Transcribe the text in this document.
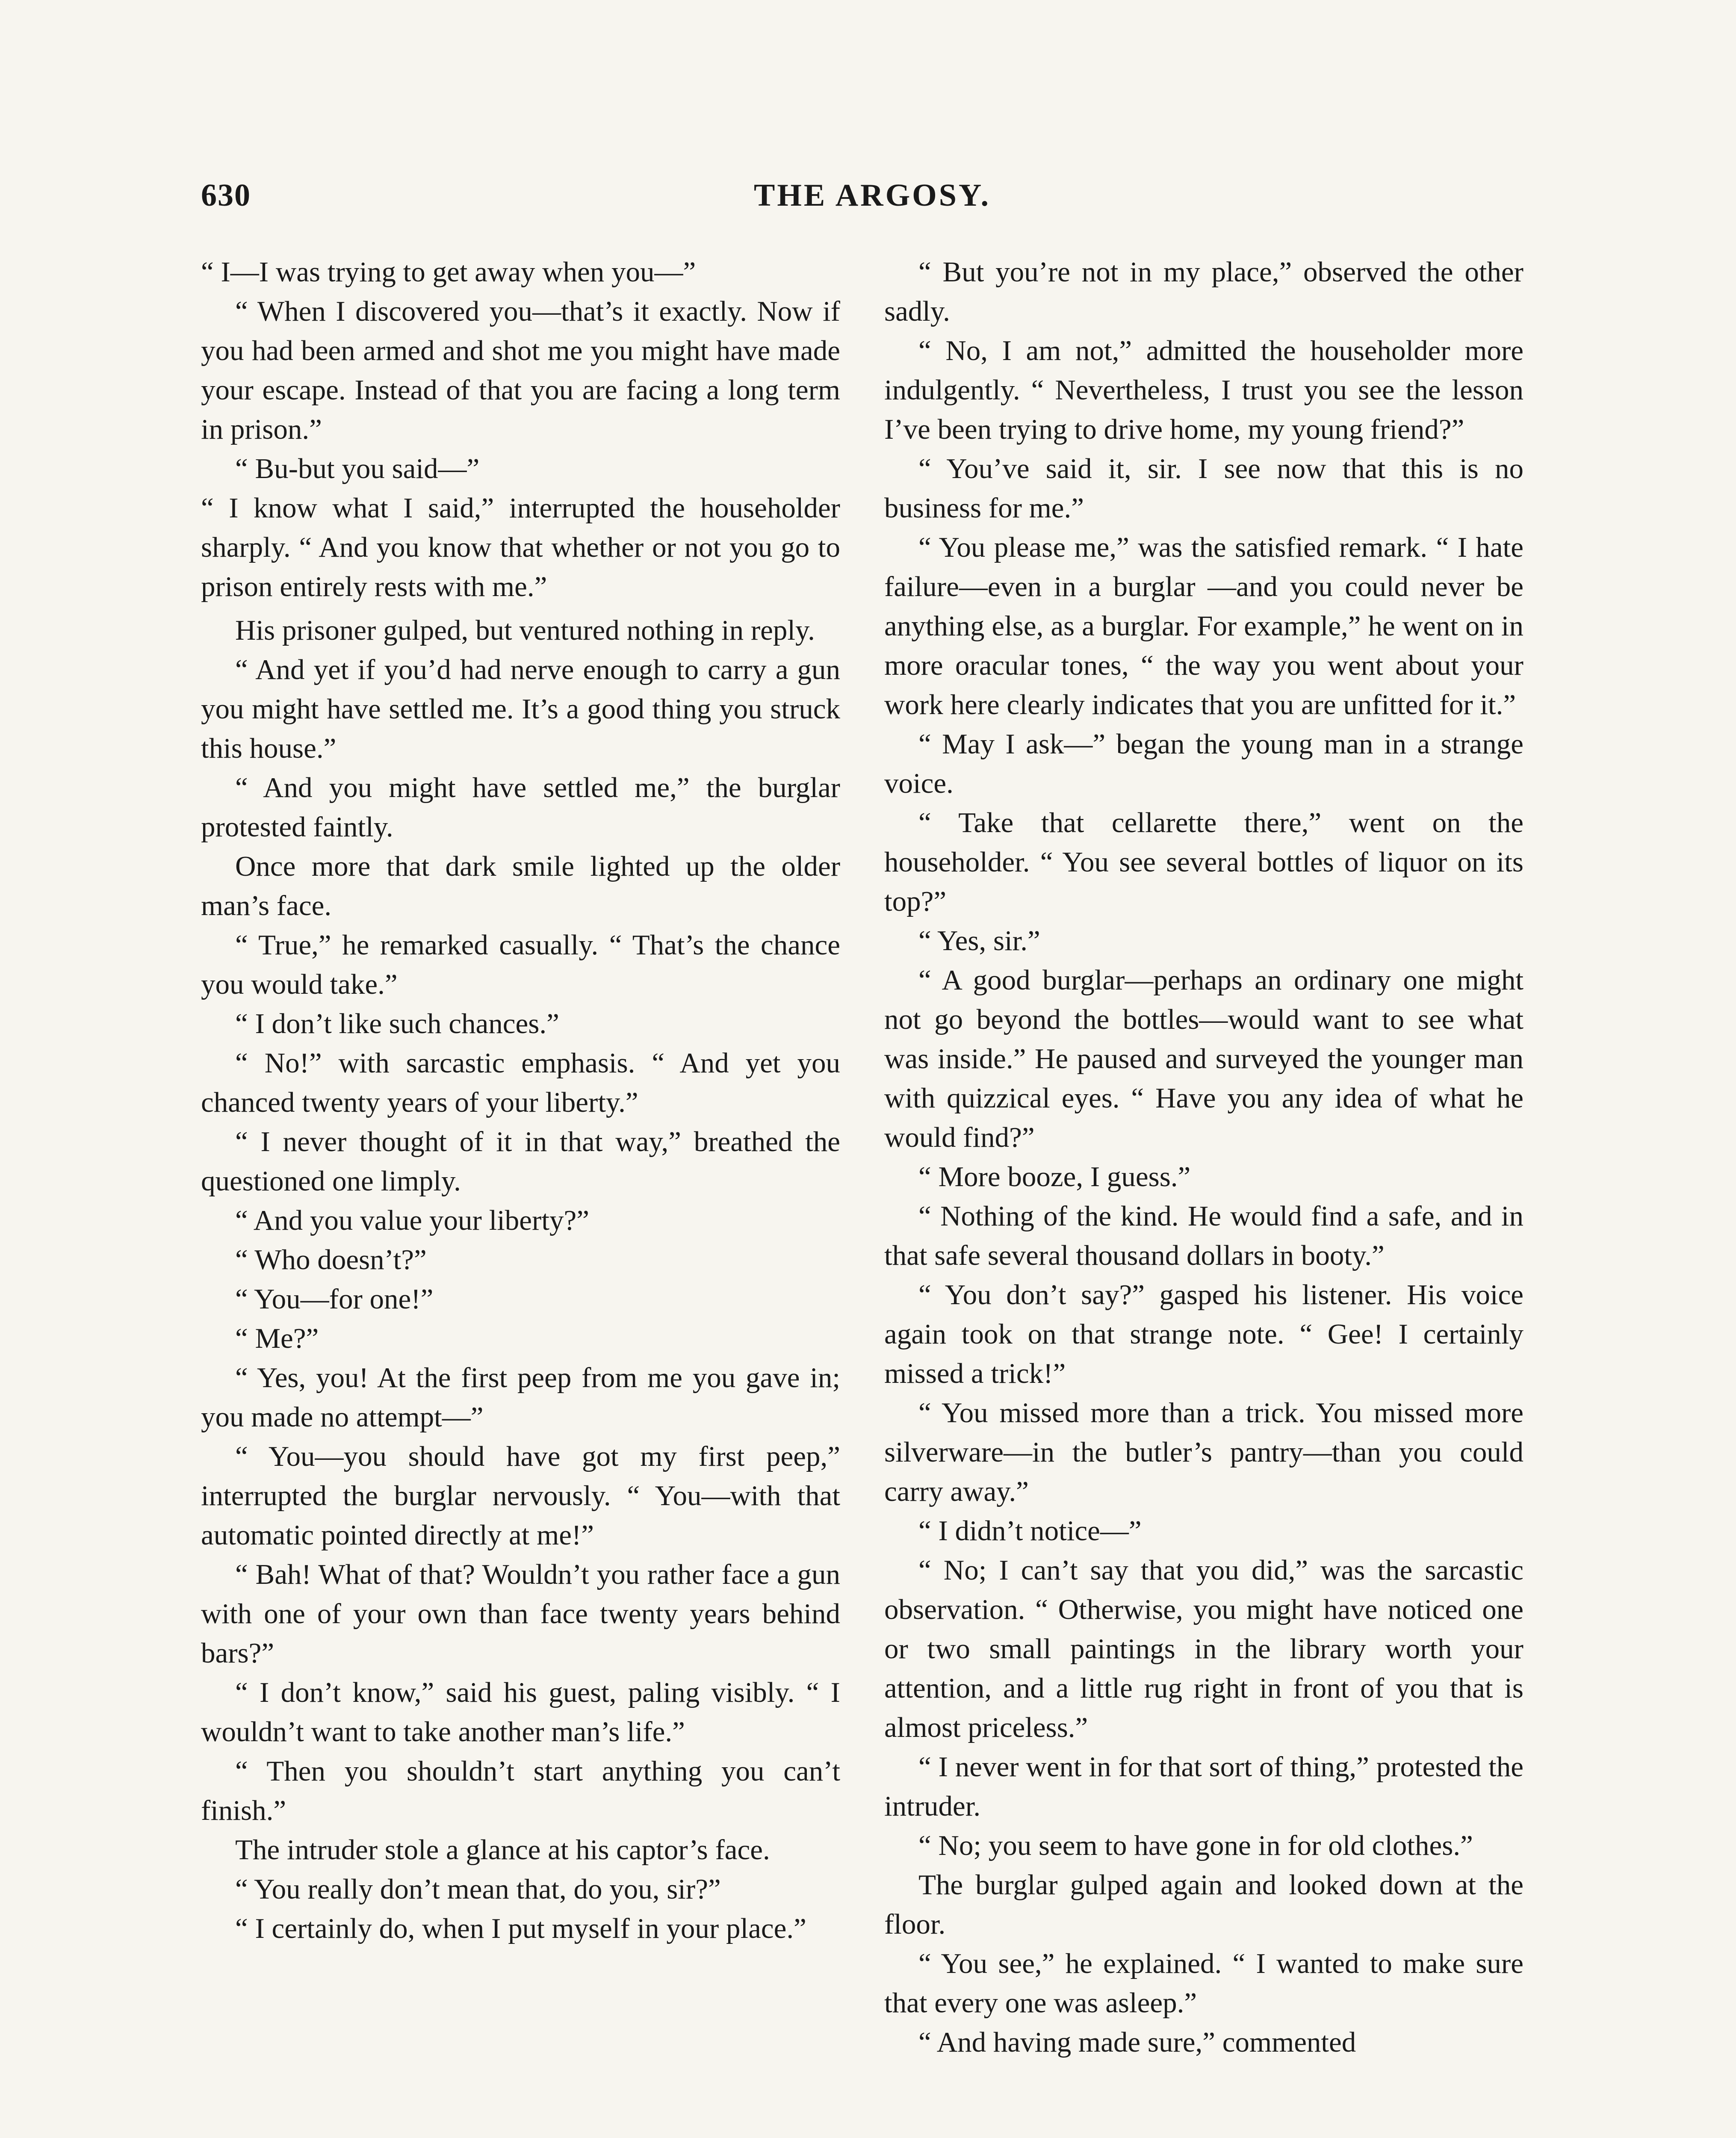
630	THE ARGOSY.

“ I—I was trying to get away when you—”

“ When I discovered you—that’s it exactly. Now if you had been armed and shot me you might have made your escape. Instead of that you are facing a long term in prison.”

“ Bu-but you said—”

“ I know what I said,” interrupted the householder sharply. “ And you know that whether or not you go to prison entirely rests with me.”

His prisoner gulped, but ventured nothing in reply.

“ And yet if you’d had nerve enough to carry a gun you might have settled me. It’s a good thing you struck this house.”

“ And you might have settled me,” the burglar protested faintly.

Once more that dark smile lighted up the older man’s face.

“ True,” he remarked casually. “ That’s the chance you would take.”

“ I don’t like such chances.”

“ No!” with sarcastic emphasis. “ And yet you chanced twenty years of your liberty.”

“ I never thought of it in that way,” breathed the questioned one limply.

“ And you value your liberty?”

“ Who doesn’t?”

“ You—for one!”

“ Me?”

“ Yes, you! At the first peep from me you gave in; you made no attempt—”

“ You—you should have got my first peep,” interrupted the burglar nervously. “ You—with that automatic pointed directly at me!”

“ Bah! What of that? Wouldn’t you rather face a gun with one of your own than face twenty years behind bars?”

“ I don’t know,” said his guest, paling visibly. “ I wouldn’t want to take another man’s life.”

“ Then you shouldn’t start anything you can’t finish.”

The intruder stole a glance at his captor’s face.

“ You really don’t mean that, do you, sir?”

“ I certainly do, when I put myself in your place.”

“ But you’re not in my place,” observed the other sadly.

“ No, I am not,” admitted the householder more indulgently. “ Nevertheless, I trust you see the lesson I’ve been trying to drive home, my young friend?”

“ You’ve said it, sir. I see now that this is no business for me.”

“ You please me,” was the satisfied remark. “ I hate failure—even in a burglar —and you could never be anything else, as a burglar. For example,” he went on in more oracular tones, “ the way you went about your work here clearly indicates that you are unfitted for it.”

“ May I ask—” began the young man in a strange voice.

“ Take that cellarette there,” went on the householder. “ You see several bottles of liquor on its top?”

“ Yes, sir.”

“ A good burglar—perhaps an ordinary one might not go beyond the bottles—would want to see what was inside.” He paused and surveyed the younger man with quizzical eyes. “ Have you any idea of what he would find?”

“ More booze, I guess.”

“ Nothing of the kind. He would find a safe, and in that safe several thousand dollars in booty.”

“ You don’t say?” gasped his listener. His voice again took on that strange note. “ Gee! I certainly missed a trick!”

“ You missed more than a trick. You missed more silverware—in the butler’s pantry—than you could carry away.”

“ I didn’t notice—”

“ No; I can’t say that you did,” was the sarcastic observation. “ Otherwise, you might have noticed one or two small paintings in the library worth your attention, and a little rug right in front of you that is almost priceless.”

“ I never went in for that sort of thing,” protested the intruder.

“ No; you seem to have gone in for old clothes.”

The burglar gulped again and looked down at the floor.

“ You see,” he explained. “ I wanted to make sure that every one was asleep.”

“ And having made sure,” commented
